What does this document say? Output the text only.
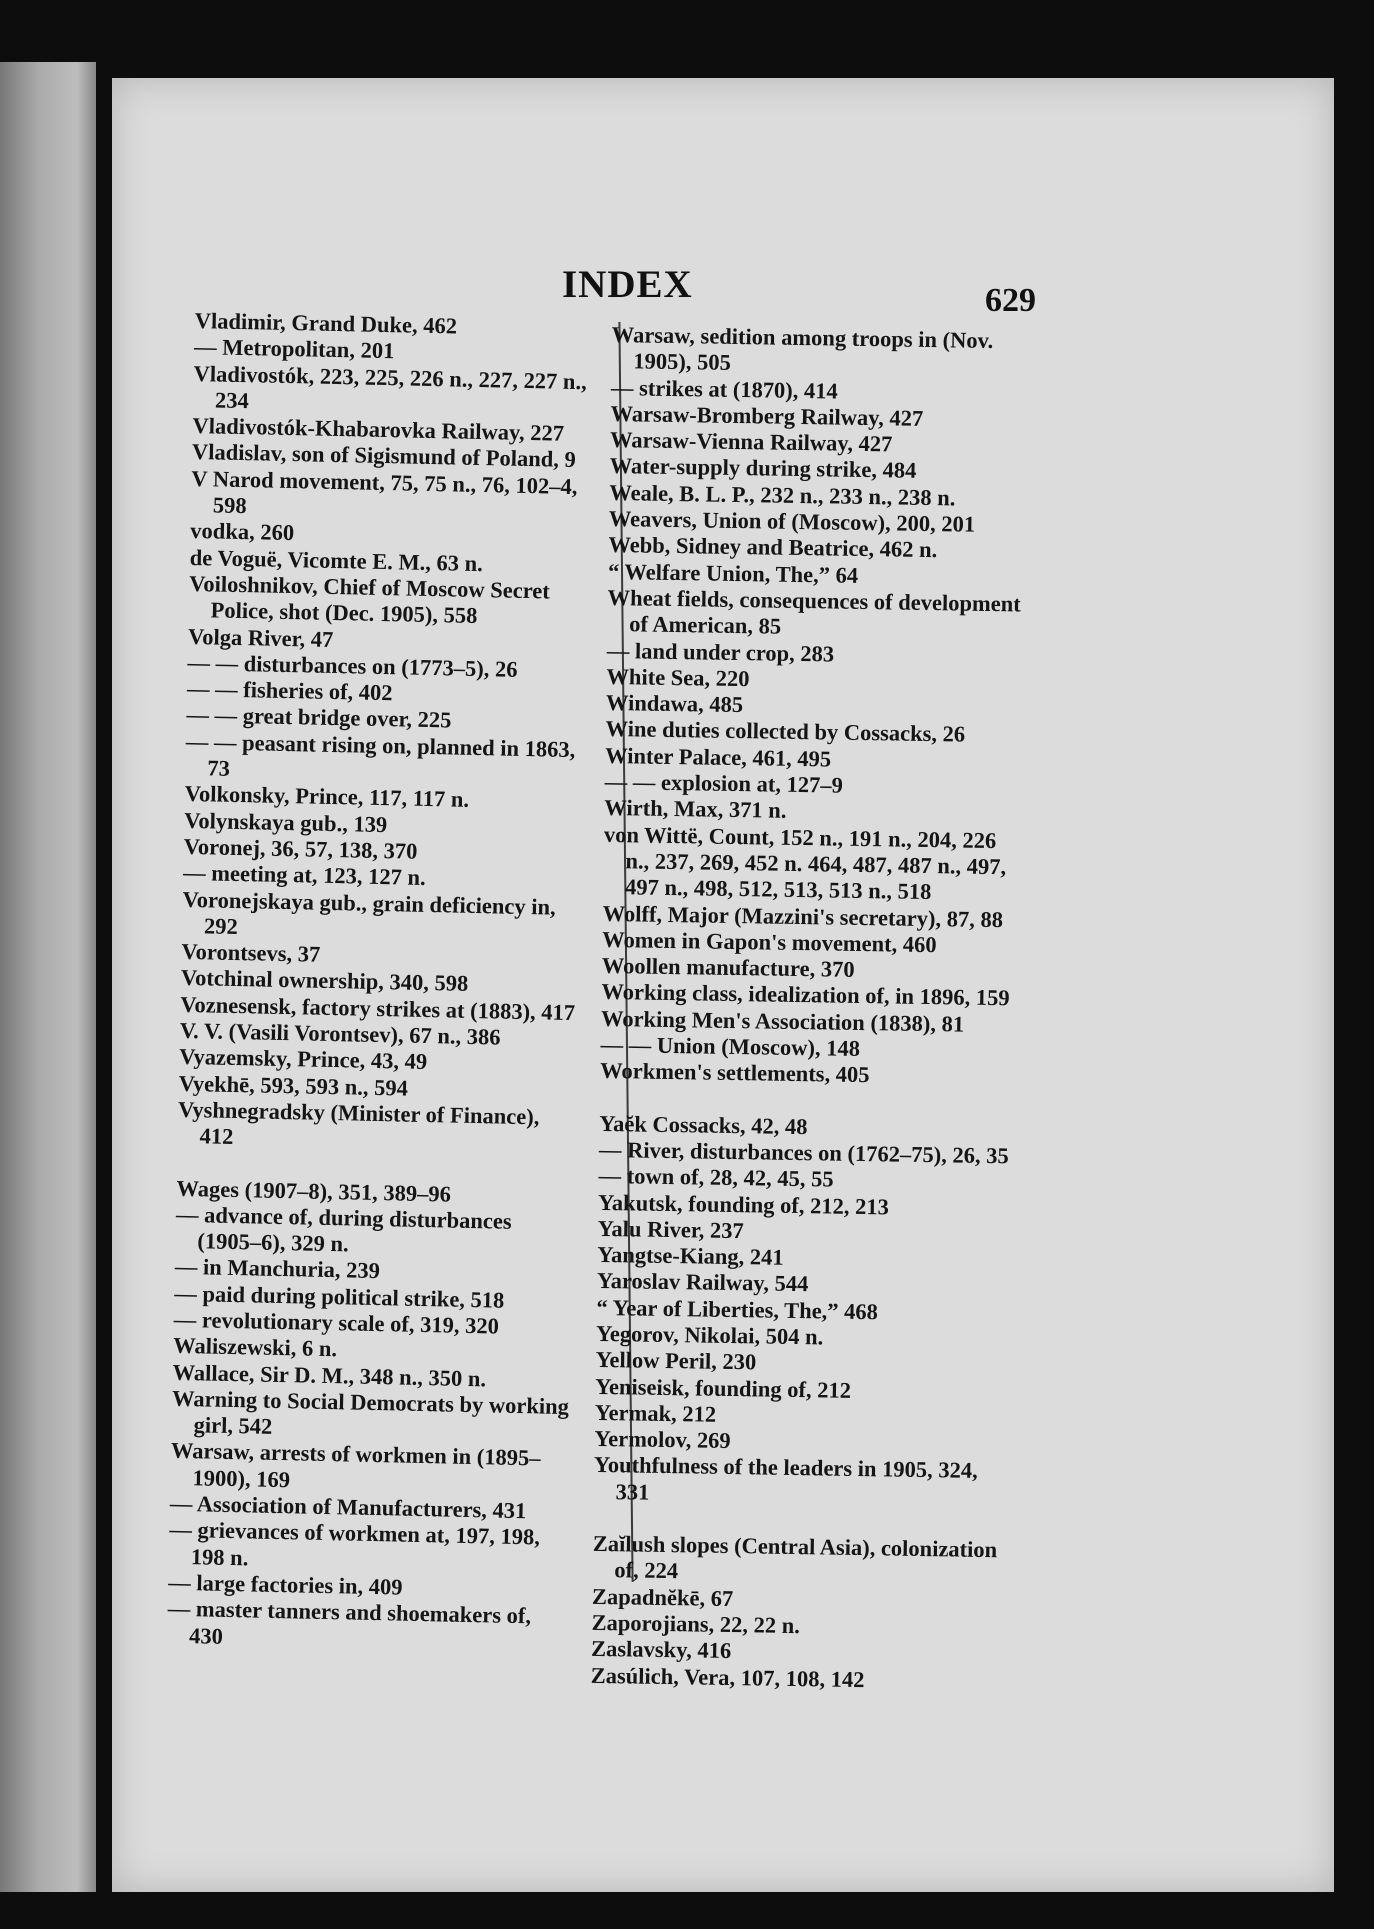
INDEX	629
Vladimir, Grand Duke, 462
— Metropolitan, 201
Vladivostók, 223, 225, 226 n., 227, 227 n., 234
Vladivostók-Khabarovka Railway, 227
Vladislav, son of Sigismund of Poland, 9
V Narod movement, 75, 75 n., 76, 102–4, 598
vodka, 260
de Voguë, Vicomte E. M., 63 n.
Voiloshnikov, Chief of Moscow Secret Police, shot (Dec. 1905), 558
Volga River, 47
— — disturbances on (1773–5), 26
— — fisheries of, 402
— — great bridge over, 225
— — peasant rising on, planned in 1863, 73
Volkonsky, Prince, 117, 117 n.
Volynskaya gub., 139
Voronej, 36, 57, 138, 370
— meeting at, 123, 127 n.
Voronejskaya gub., grain deficiency in, 292
Vorontsevs, 37
Votchinal ownership, 340, 598
Voznesensk, factory strikes at (1883), 417
V. V. (Vasili Vorontsev), 67 n., 386
Vyazemsky, Prince, 43, 49
Vyekhē, 593, 593 n., 594
Vyshnegradsky (Minister of Finance), 412
Wages (1907–8), 351, 389–96
— advance of, during disturbances (1905–6), 329 n.
— in Manchuria, 239
— paid during political strike, 518
— revolutionary scale of, 319, 320
Waliszewski, 6 n.
Wallace, Sir D. M., 348 n., 350 n.
Warning to Social Democrats by working girl, 542
Warsaw, arrests of workmen in (1895–1900), 169
— Association of Manufacturers, 431
— grievances of workmen at, 197, 198, 198 n.
— large factories in, 409
— master tanners and shoemakers of, 430
Warsaw, sedition among troops in (Nov. 1905), 505
— strikes at (1870), 414
Warsaw-Bromberg Railway, 427
Warsaw-Vienna Railway, 427
Water-supply during strike, 484
Weale, B. L. P., 232 n., 233 n., 238 n.
Weavers, Union of (Moscow), 200, 201
Webb, Sidney and Beatrice, 462 n.
“ Welfare Union, The,” 64
Wheat fields, consequences of development of American, 85
— land under crop, 283
White Sea, 220
Windawa, 485
Wine duties collected by Cossacks, 26
Winter Palace, 461, 495
— — explosion at, 127–9
Wirth, Max, 371 n.
von Wittë, Count, 152 n., 191 n., 204, 226 n., 237, 269, 452 n. 464, 487, 487 n., 497, 497 n., 498, 512, 513, 513 n., 518
Wolff, Major (Mazzini's secretary), 87, 88
Women in Gapon's movement, 460
Woollen manufacture, 370
Working class, idealization of, in 1896, 159
Working Men's Association (1838), 81
— — Union (Moscow), 148
Workmen's settlements, 405
Yaĕk Cossacks, 42, 48
— River, disturbances on (1762–75), 26, 35
— town of, 28, 42, 45, 55
Yakutsk, founding of, 212, 213
Yalu River, 237
Yangtse-Kiang, 241
Yaroslav Railway, 544
“ Year of Liberties, The,” 468
Yegorov, Nikolai, 504 n.
Yellow Peril, 230
Yeniseisk, founding of, 212
Yermak, 212
Yermolov, 269
Youthfulness of the leaders in 1905, 324, 331
Zaĭlush slopes (Central Asia), colonization of, 224
Zapadnĕkē, 67
Zaporojians, 22, 22 n.
Zaslavsky, 416
Zasúlich, Vera, 107, 108, 142
